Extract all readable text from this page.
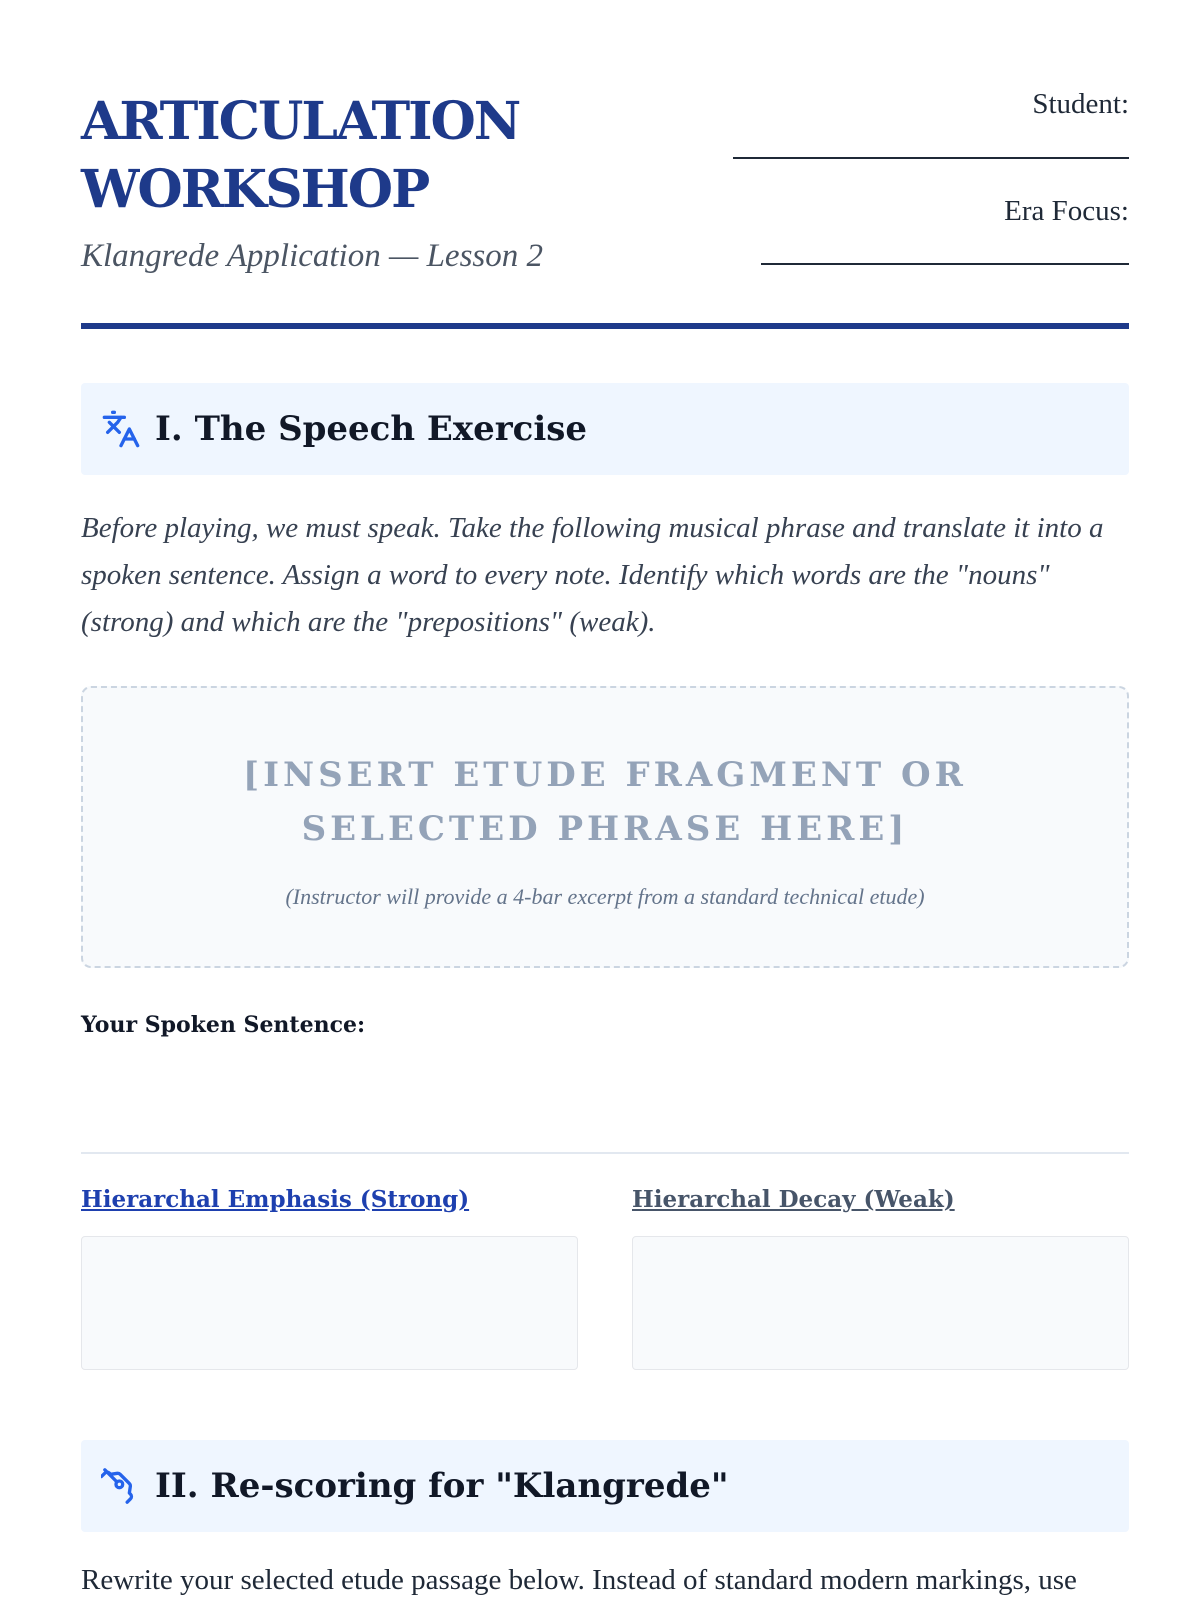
ARTICULATION WORKSHOP
Klangrede Application — Lesson 2
Student:
Era Focus:
I. The Speech Exercise

Before playing, we must speak. Take the following musical phrase and translate it into a spoken sentence. Assign a word to every note. Identify which words are the "nouns" (strong) and which are the "prepositions" (weak).

[INSERT ETUDE FRAGMENT OR SELECTED PHRASE HERE]
(Instructor will provide a 4-bar excerpt from a standard technical etude)
Your Spoken Sentence:
Hierarchal Emphasis (Strong)	Hierarchal Decay (Weak)
II. Re-scoring for "Klangrede"

Rewrite your selected etude passage below. Instead of standard modern markings, use
